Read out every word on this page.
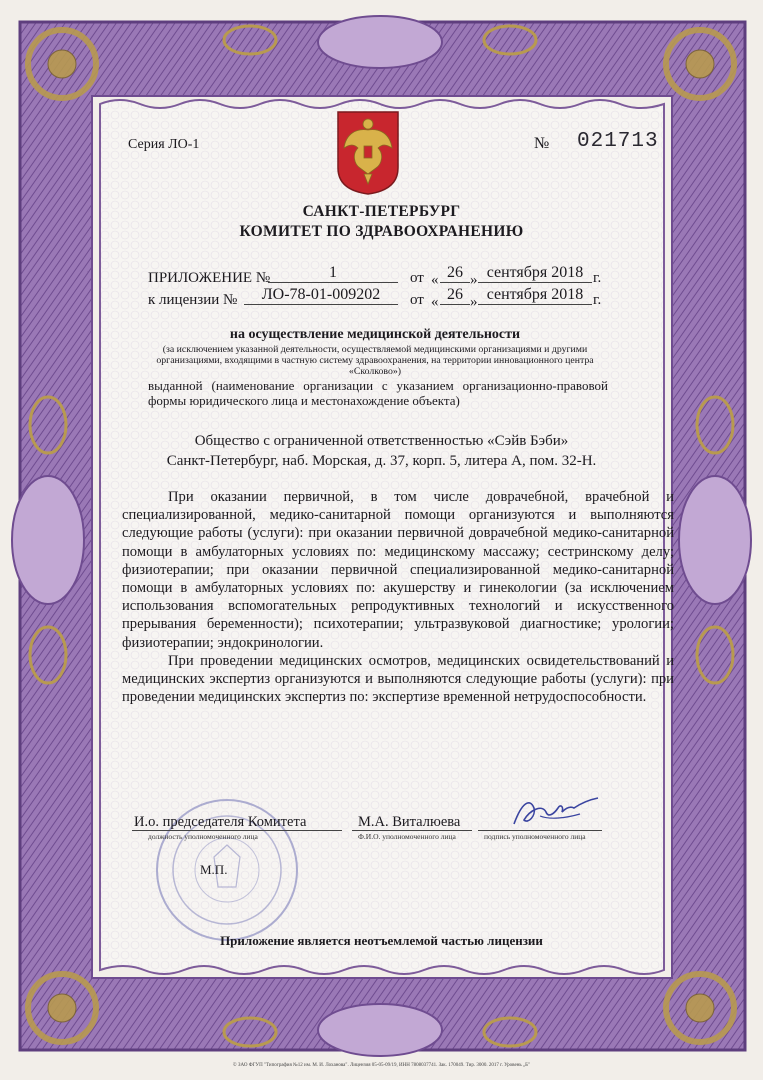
Серия ЛО-1	№ 021713
САНКТ-ПЕТЕРБУРГ
КОМИТЕТ ПО ЗДРАВООХРАНЕНИЮ
ПРИЛОЖЕНИЕ №	1	от « 26 » сентября 2018 г.
к лицензии №	ЛО-78-01-009202	от « 26 » сентября 2018 г.
на осуществление медицинской деятельности
(за исключением указанной деятельности, осуществляемой медицинскими организациями и другими организациями, входящими в частную систему здравоохранения, на территории инновационного центра «Сколково»)
выданной (наименование организации с указанием организационно-правовой формы юридического лица и местонахождение объекта)
Общество с ограниченной ответственностью «Сэйв Бэби»
Санкт-Петербург, наб. Морская, д. 37, корп. 5, литера А, пом. 32-Н.

При оказании первичной, в том числе доврачебной, врачебной и специализированной, медико-санитарной помощи организуются и выполняются следующие работы (услуги): при оказании первичной доврачебной медико-санитарной помощи в амбулаторных условиях по: медицинскому массажу; сестринскому делу; физиотерапии; при оказании первичной специализированной медико-санитарной помощи в амбулаторных условиях по: акушерству и гинекологии (за исключением использования вспомогательных репродуктивных технологий и искусственного прерывания беременности); психотерапии; ультразвуковой диагностике; урологии; физиотерапии; эндокринологии.

При проведении медицинских осмотров, медицинских освидетельствований и медицинских экспертиз организуются и выполняются следующие работы (услуги): при проведении медицинских экспертиз по: экспертизе временной нетрудоспособности.

И.о. председателя Комитета	М.А. Виталюева
должность уполномоченного лица	Ф.И.О. уполномоченного лица	подпись уполномоченного лица
М.П.
Приложение является неотъемлемой частью лицензии
© ЗАО ФГУП "Типография №12 им. М. И. Лоханова". Лицензия 05-05-09/19, ИНН 7808037741. Зак. 170049. Тир. 3000. 2017 г. Уровень „Б"
